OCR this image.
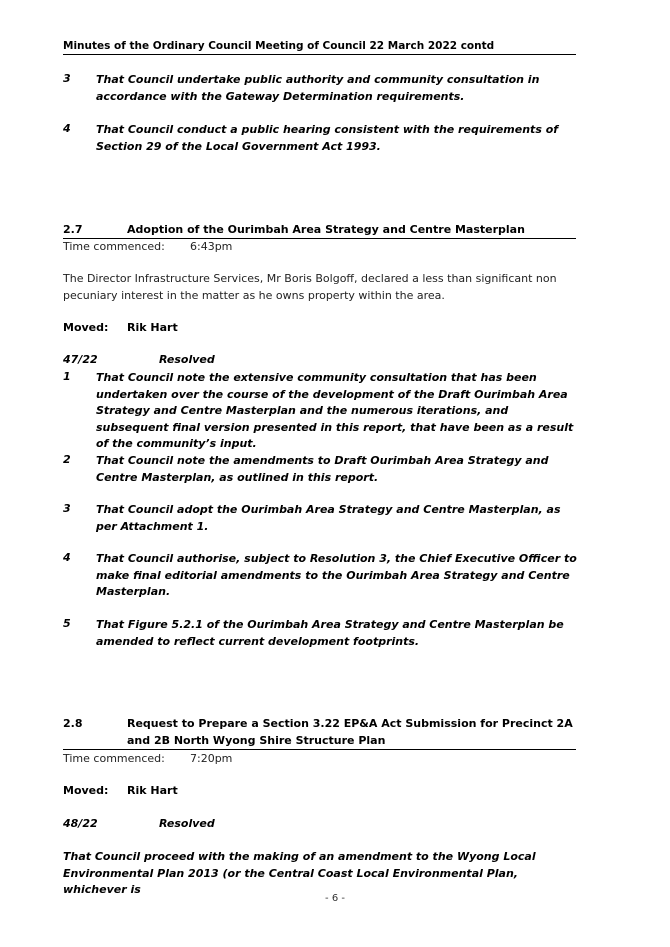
Minutes of the Ordinary Council Meeting of Council 22 March 2022 contd
3 That Council undertake public authority and community consultation in accordance with the Gateway Determination requirements.
4 That Council conduct a public hearing consistent with the requirements of Section 29 of the Local Government Act 1993.
2.7	Adoption of the Ourimbah Area Strategy and Centre Masterplan
Time commenced: 6:43pm
The Director Infrastructure Services, Mr Boris Bolgoff, declared a less than significant non pecuniary interest in the matter as he owns property within the area.
Moved: Rik Hart
47/22	Resolved
1 That Council note the extensive community consultation that has been undertaken over the course of the development of the Draft Ourimbah Area Strategy and Centre Masterplan and the numerous iterations, and subsequent final version presented in this report, that have been as a result of the community’s input.
2 That Council note the amendments to Draft Ourimbah Area Strategy and Centre Masterplan, as outlined in this report.
3 That Council adopt the Ourimbah Area Strategy and Centre Masterplan, as per Attachment 1.
4 That Council authorise, subject to Resolution 3, the Chief Executive Officer to make final editorial amendments to the Ourimbah Area Strategy and Centre Masterplan.
5 That Figure 5.2.1 of the Ourimbah Area Strategy and Centre Masterplan be amended to reflect current development footprints.
2.8	Request to Prepare a Section 3.22 EP&A Act Submission for Precinct 2A and 2B North Wyong Shire Structure Plan
Time commenced: 7:20pm
Moved: Rik Hart
48/22	Resolved
That Council proceed with the making of an amendment to the Wyong Local Environmental Plan 2013 (or the Central Coast Local Environmental Plan, whichever is
- 6 -
